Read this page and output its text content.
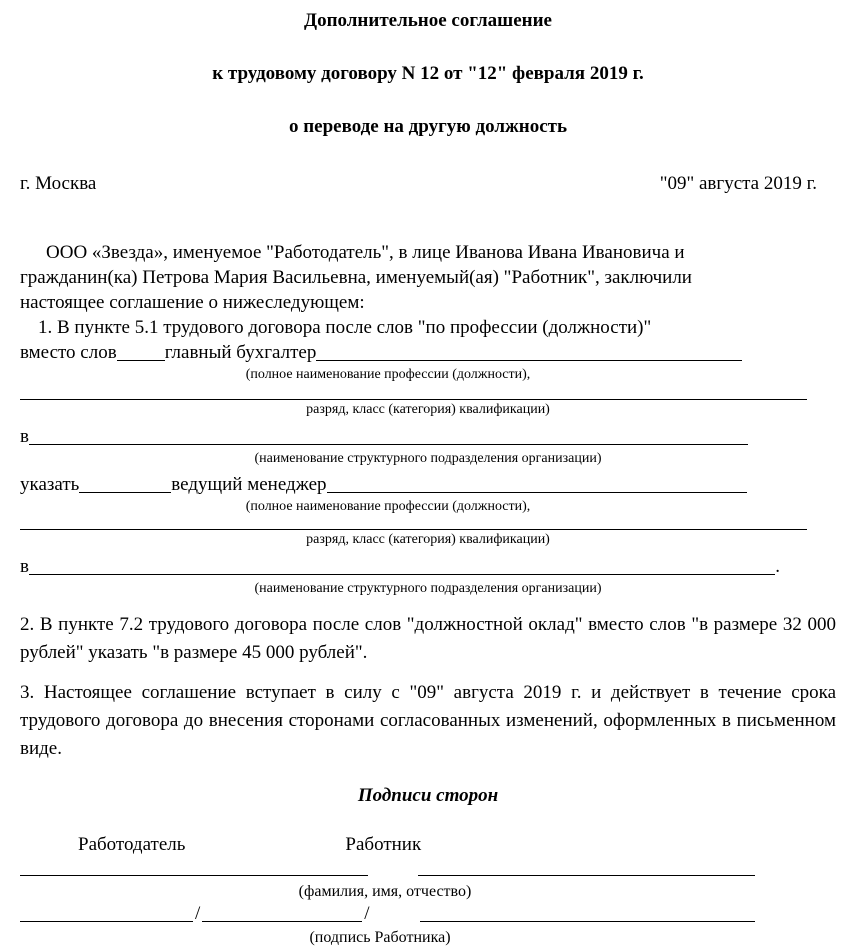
Дополнительное соглашение
к трудовому договору N 12 от "12" февраля 2019 г.
о переводе на другую должность
г. Москва	"09" августа 2019 г.

ООО «Звезда», именуемое "Работодатель", в лице Иванова Ивана Ивановича и гражданин(ка) Петрова Мария Васильевна, именуемый(ая) "Работник", заключили настоящее соглашение о нижеследующем:

1. В пункте 5.1 трудового договора после слов "по профессии (должности)"

вместо слов	главный бухгалтер
(полное наименование профессии (должности),
разряд, класс (категория) квалификации)
в
(наименование структурного подразделения организации)
указать	ведущий менеджер
(полное наименование профессии (должности),
разряд, класс (категория) квалификации)
в	.
(наименование структурного подразделения организации)

2. В пункте 7.2 трудового договора после слов "должностной оклад" вместо слов "в размере 32 000 рублей" указать "в размере 45 000 рублей".

3. Настоящее соглашение вступает в силу с "09" августа 2019 г. и действует в течение срока трудового договора до внесения сторонами согласованных изменений, оформленных в письменном виде.

Подписи сторон
Работодатель	Работник
(фамилия, имя, отчество)
/	/
(подпись Работника)
